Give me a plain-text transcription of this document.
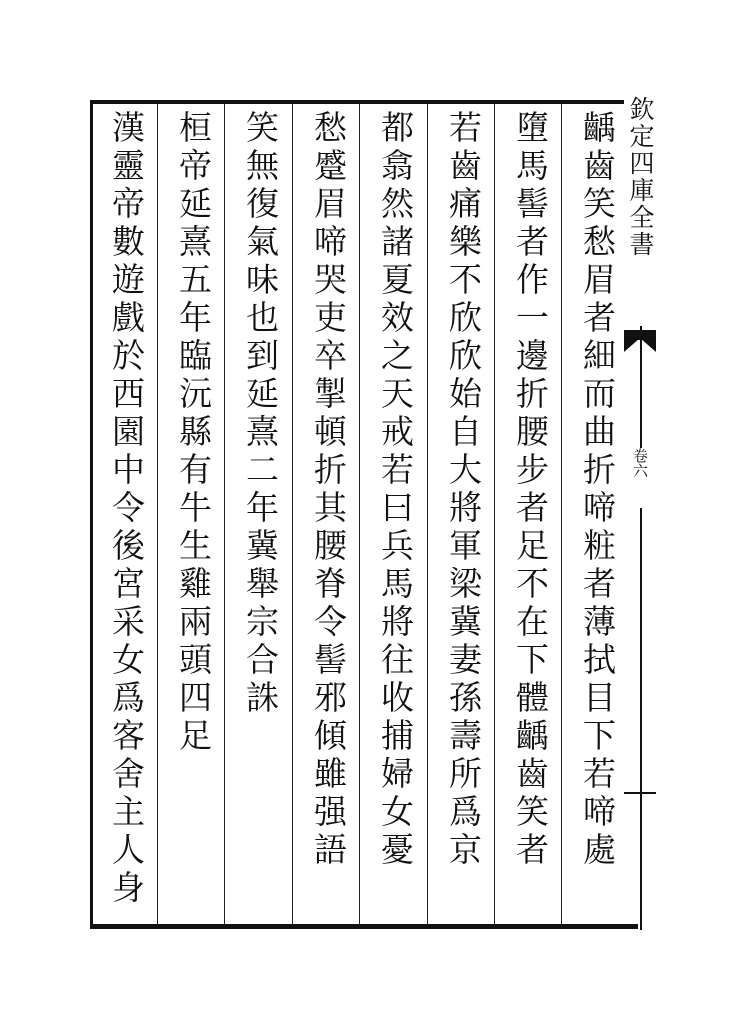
齲齒笑愁眉者細而曲折啼粧者薄拭目下若啼處
墮馬髻者作一邊折腰步者足不在下體齲齒笑者
若齒痛樂不欣欣始自大將軍梁冀妻孫壽所爲京
都翕然諸夏效之天戒若曰兵馬將往收捕婦女憂
愁蹙眉啼哭吏卒掣頓折其腰脊令髻邪傾雖强語
笑無復氣味也到延熹二年冀舉宗合誅
桓帝延熹五年臨沅縣有牛生雞兩頭四足
漢靈帝數遊戲於西園中令後宮采女爲客舍主人身	欽定四庫全書
卷六
